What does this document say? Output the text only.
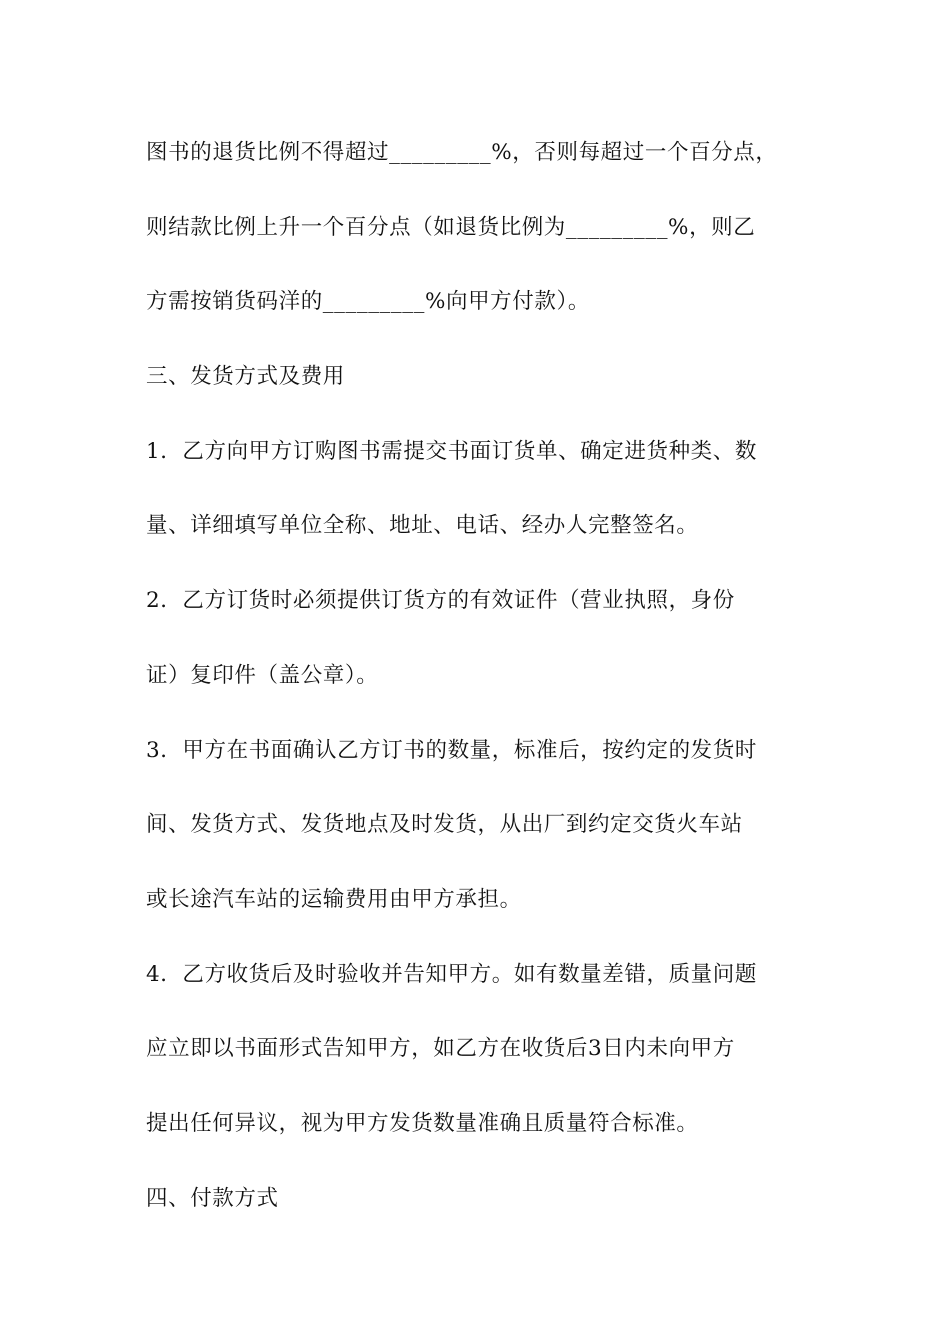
图书的退货比例不得超过_________%，否则每超过一个百分点，
则结款比例上升一个百分点（如退货比例为_________%，则乙
方需按销货码洋的_________%向甲方付款）。
三、发货方式及费用
1．乙方向甲方订购图书需提交书面订货单、确定进货种类、数
量、详细填写单位全称、地址、电话、经办人完整签名。
2．乙方订货时必须提供订货方的有效证件（营业执照，身份
证）复印件（盖公章）。
3．甲方在书面确认乙方订书的数量，标准后，按约定的发货时
间、发货方式、发货地点及时发货，从出厂到约定交货火车站
或长途汽车站的运输费用由甲方承担。
4．乙方收货后及时验收并告知甲方。如有数量差错，质量问题
应立即以书面形式告知甲方，如乙方在收货后3日内未向甲方
提出任何异议，视为甲方发货数量准确且质量符合标准。
四、付款方式
